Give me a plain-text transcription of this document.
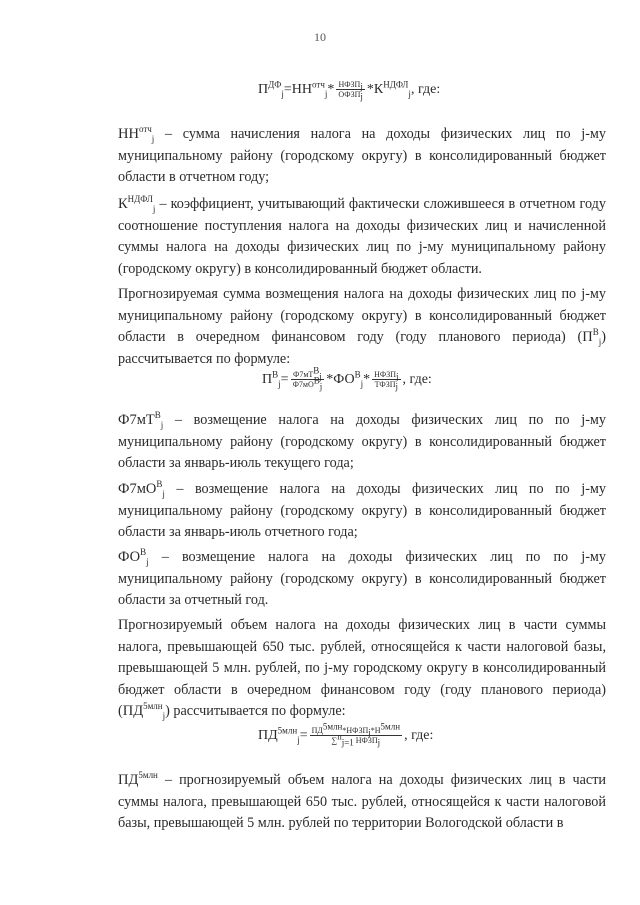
10
$П^{ДФ}_j = НН^{отч}_j * \frac{НФЗП_j}{ОФЗП_j} * К^{НДФЛ}_j$ , где:

$НН^{отч}_j$ – сумма начисления налога на доходы физических лиц по j-му муниципальному району (городскому округу) в консолидированный бюджет области в отчетном году;

$К^{НДФЛ}_j$ – коэффициент, учитывающий фактически сложившееся в отчетном году соотношение поступления налога на доходы физических лиц и начисленной суммы налога на доходы физических лиц по j-му муниципальному району (городскому округу) в консолидированный бюджет области.

Прогнозируемая сумма возмещения налога на доходы физических лиц по j-му муниципальному району (городскому округу) в консолидированный бюджет области в очередном финансовом году (году планового периода) $(П^В_j)$ рассчитывается по формуле:

$П^В_j = \frac{Ф7мТ^В_j}{Ф7мО^В_j} * ФО^В_j * \frac{НФЗП_j}{ТФЗП_j}$ , где:

$Ф7мТ^В_j$ – возмещение налога на доходы физических лиц по по j-му муниципальному району (городскому округу) в консолидированный бюджет области за январь-июль текущего года;

$Ф7мО^В_j$ – возмещение налога на доходы физических лиц по по j-му муниципальному району (городскому округу) в консолидированный бюджет области за январь-июль отчетного года;

$ФО^В_j$ – возмещение налога на доходы физических лиц по по j-му муниципальному району (городскому округу) в консолидированный бюджет области за отчетный год.

Прогнозируемый объем налога на доходы физических лиц в части суммы налога, превышающей 650 тыс. рублей, относящейся к части налоговой базы, превышающей 5 млн. рублей, по j-му городскому округу в консолидированный бюджет области в очередном финансовом году (году планового периода) $(ПД^{5млн}_j)$ рассчитывается по формуле:

$ПД^{5млн}_j = \frac{ПД^{5млн}*НФЗП_j*Н^{5млн}}{\sum^n_{j=1} НФЗП_j}$ , где:

$ПД^{5млн}$ – прогнозируемый объем налога на доходы физических лиц в части суммы налога, превышающей 650 тыс. рублей, относящейся к части налоговой базы, превышающей 5 млн. рублей по территории Вологодской области в
